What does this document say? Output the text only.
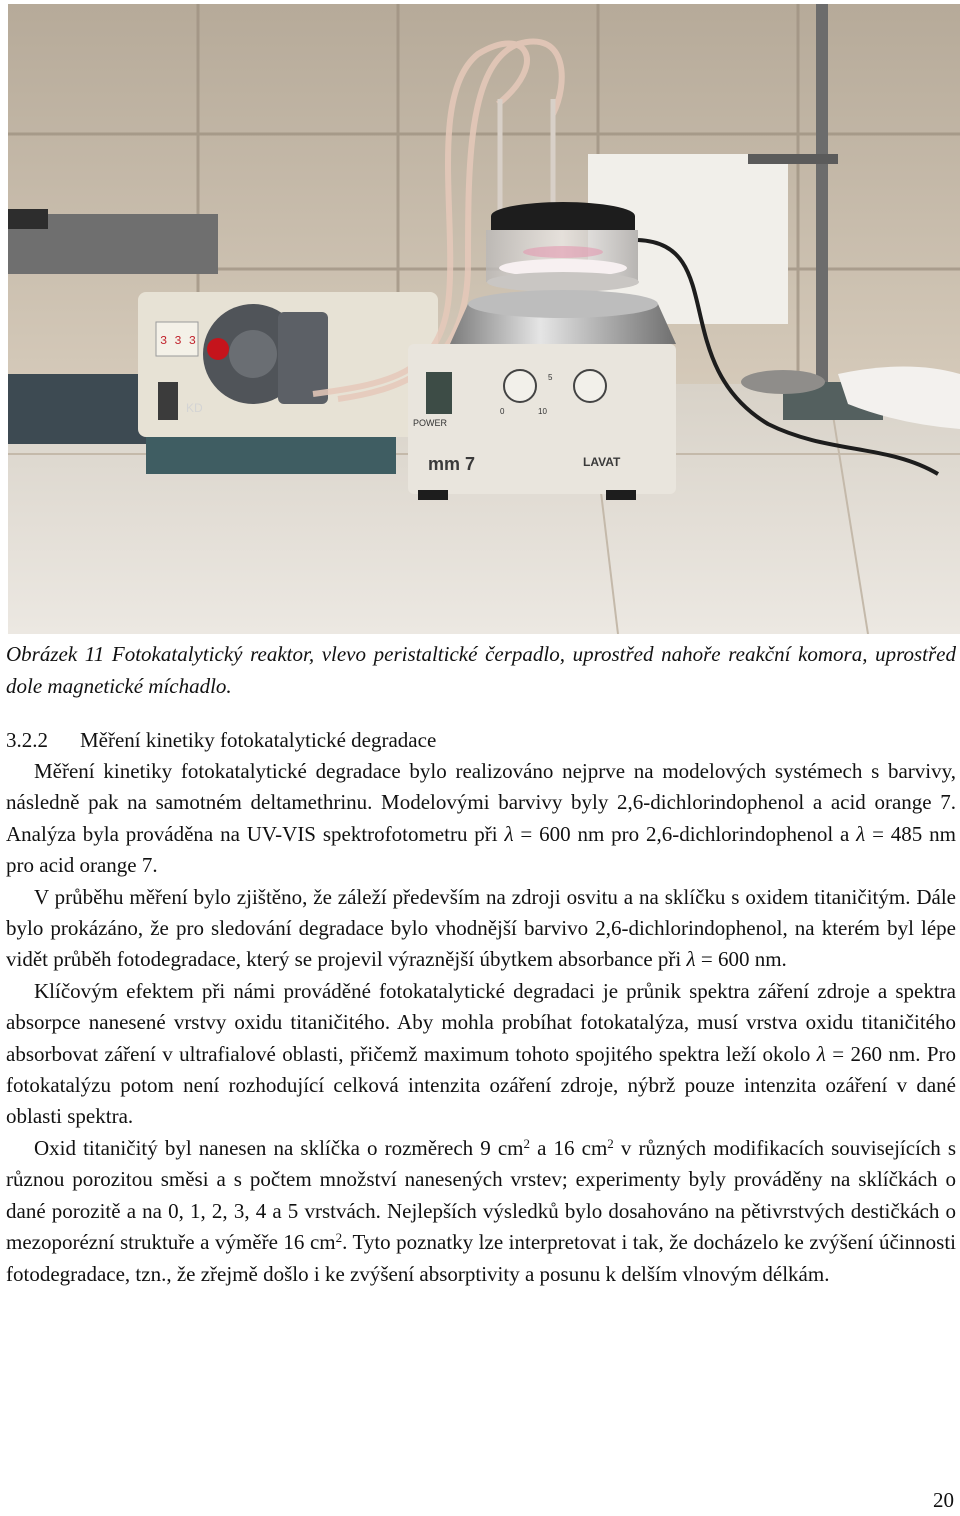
3 3 3
KD
POWER
0
5
10
mm 7	LAVAT

Obrázek 11 Fotokatalytický reaktor, vlevo peristaltické čerpadlo, uprostřed nahoře reakční komora, uprostřed dole magnetické míchadlo.

3.2.2 Měření kinetiky fotokatalytické degradace

Měření kinetiky fotokatalytické degradace bylo realizováno nejprve na modelových systémech s barvivy, následně pak na samotném deltamethrinu. Modelovými barvivy byly 2,6-dichlorindophenol a acid orange 7. Analýza byla prováděna na UV-VIS spektrofotometru při λ = 600 nm pro 2,6-dichlorindophenol a λ = 485 nm pro acid orange 7.

V průběhu měření bylo zjištěno, že záleží především na zdroji osvitu a na sklíčku s oxidem titaničitým. Dále bylo prokázáno, že pro sledování degradace bylo vhodnější barvivo 2,6-dichlorindophenol, na kterém byl lépe vidět průběh fotodegradace, který se projevil výraznější úbytkem absorbance při λ = 600 nm.

Klíčovým efektem při námi prováděné fotokatalytické degradaci je průnik spektra záření zdroje a spektra absorpce nanesené vrstvy oxidu titaničitého. Aby mohla probíhat fotokatalýza, musí vrstva oxidu titaničitého absorbovat záření v ultrafialové oblasti, přičemž maximum tohoto spojitého spektra leží okolo λ = 260 nm. Pro fotokatalýzu potom není rozhodující celková intenzita ozáření zdroje, nýbrž pouze intenzita ozáření v dané oblasti spektra.

Oxid titaničitý byl nanesen na sklíčka o rozměrech 9 $cm^2$ a 16 $cm^2$ v různých modifikacích souvisejících s různou porozitou směsi a s počtem množství nanesených vrstev; experimenty byly prováděny na sklíčkách o dané porozitě a na 0, 1, 2, 3, 4 a 5 vrstvách. Nejlepších výsledků bylo dosahováno na pětivrstvých destičkách o mezoporézní struktuře a výměře 16 $cm^2$. Tyto poznatky lze interpretovat i tak, že docházelo ke zvýšení účinnosti fotodegradace, tzn., že zřejmě došlo i ke zvýšení absorptivity a posunu k delším vlnovým délkám.

20
